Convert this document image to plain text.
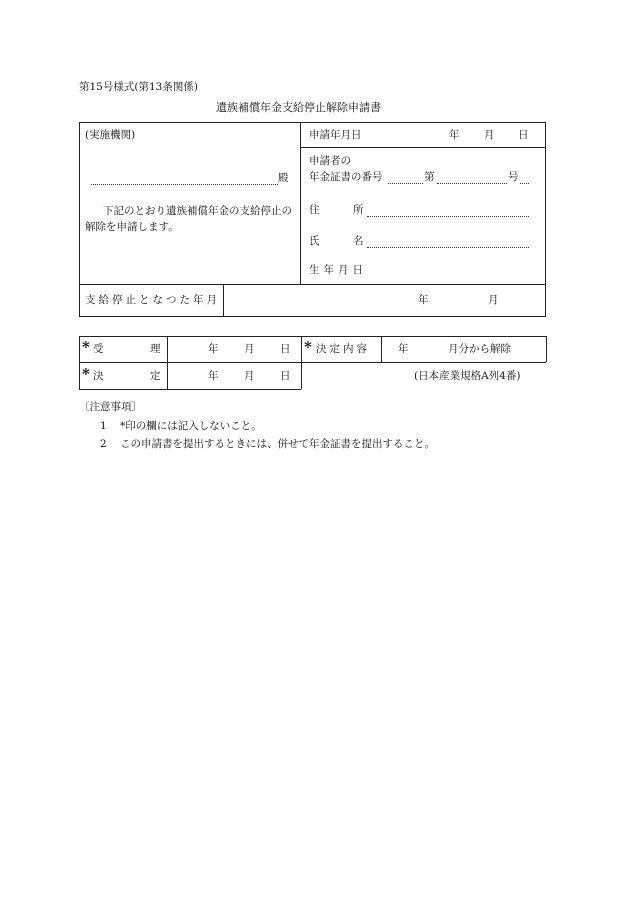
第15号様式(第13条関係)
遺族補償年金支給停止解除申請書
(実施機関)
殿
下記のとおり遺族補償年金の支給停止の解除を申請します。
申請年月日	年 月 日
申請者の
年金証書の番号	第	号
住	所
氏	名
生年月日
支給停止となつた年月	年	月
* 受	理	年 月 日 * 決定内容	年	月分から解除
* 決	定	年 月 日	(日本産業規格A列4番)
〔注意事項〕
1 *印の欄には記入しないこと。
2 この申請書を提出するときには、併せて年金証書を提出すること。
